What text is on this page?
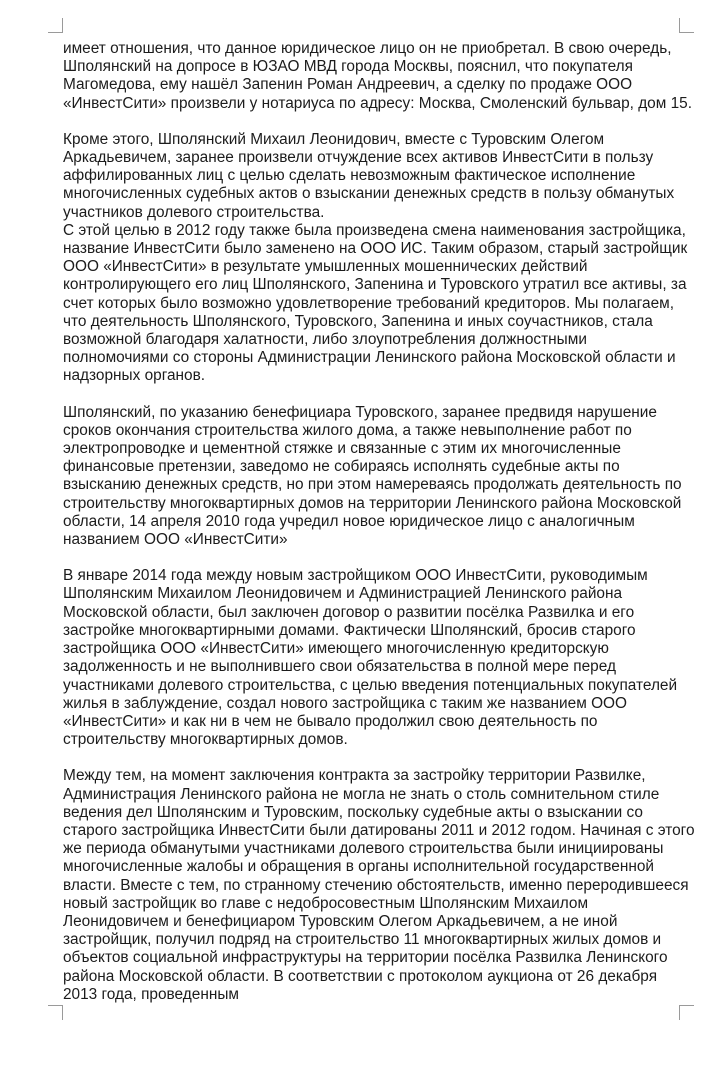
имеет отношения, что данное юридическое лицо он не приобретал. В свою очередь, Шполянский на допросе в ЮЗАО МВД города Москвы, пояснил, что покупателя Магомедова, ему нашёл Запенин Роман Андреевич, а сделку по продаже ООО «ИнвестСити» произвели у нотариуса по адресу: Москва, Смоленский бульвар, дом 15.

Кроме этого, Шполянский Михаил Леонидович, вместе с Туровским Олегом Аркадьевичем, заранее произвели отчуждение всех активов ИнвестСити в пользу аффилированных лиц с целью сделать невозможным фактическое исполнение многочисленных судебных актов о взыскании денежных средств в пользу обманутых участников долевого строительства.

С этой целью в 2012 году также была произведена смена наименования застройщика, название ИнвестСити было заменено на ООО ИС. Таким образом, старый застройщик ООО «ИнвестСити» в результате умышленных мошеннических действий контролирующего его лиц Шполянского, Запенина и Туровского утратил все активы, за счет которых было возможно удовлетворение требований кредиторов. Мы полагаем, что деятельность Шполянского, Туровского, Запенина и иных соучастников, стала возможной благодаря халатности, либо злоупотребления должностными полномочиями со стороны Администрации Ленинского района Московской области и надзорных органов.

Шполянский, по указанию бенефициара Туровского, заранее предвидя нарушение сроков окончания строительства жилого дома, а также невыполнение работ по электропроводке и цементной стяжке и связанные с этим их многочисленные финансовые претензии, заведомо не собираясь исполнять судебные акты по взысканию денежных средств, но при этом намереваясь продолжать деятельность по строительству многоквартирных домов на территории Ленинского района Московской области, 14 апреля 2010 года учредил новое юридическое лицо с аналогичным названием ООО «ИнвестСити»

В январе 2014 года между новым застройщиком ООО ИнвестСити, руководимым Шполянским Михаилом Леонидовичем и Администрацией Ленинского района Московской области, был заключен договор о развитии посёлка Развилка и его застройке многоквартирными домами. Фактически Шполянский, бросив старого застройщика ООО «ИнвестСити» имеющего многочисленную кредиторскую задолженность и не выполнившего свои обязательства в полной мере перед участниками долевого строительства, с целью введения потенциальных покупателей жилья в заблуждение, создал нового застройщика с таким же названием ООО «ИнвестСити» и как ни в чем не бывало продолжил свою деятельность по строительству многоквартирных домов.

Между тем, на момент заключения контракта за застройку территории Развилке, Администрация Ленинского района не могла не знать о столь сомнительном стиле ведения дел Шполянским и Туровским, поскольку судебные акты о взыскании со старого застройщика ИнвестСити были датированы 2011 и 2012 годом. Начиная с этого же периода обманутыми участниками долевого строительства были инициированы многочисленные жалобы и обращения в органы исполнительной государственной власти. Вместе с тем, по странному стечению обстоятельств, именно переродившееся новый застройщик во главе с недобросовестным Шполянским Михаилом Леонидовичем и бенефициаром Туровским Олегом Аркадьевичем, а не иной застройщик, получил подряд на строительство 11 многоквартирных жилых домов и объектов социальной инфраструктуры на территории посёлка Развилка Ленинского района Московской области. В соответствии с протоколом аукциона от 26 декабря 2013 года, проведенным
